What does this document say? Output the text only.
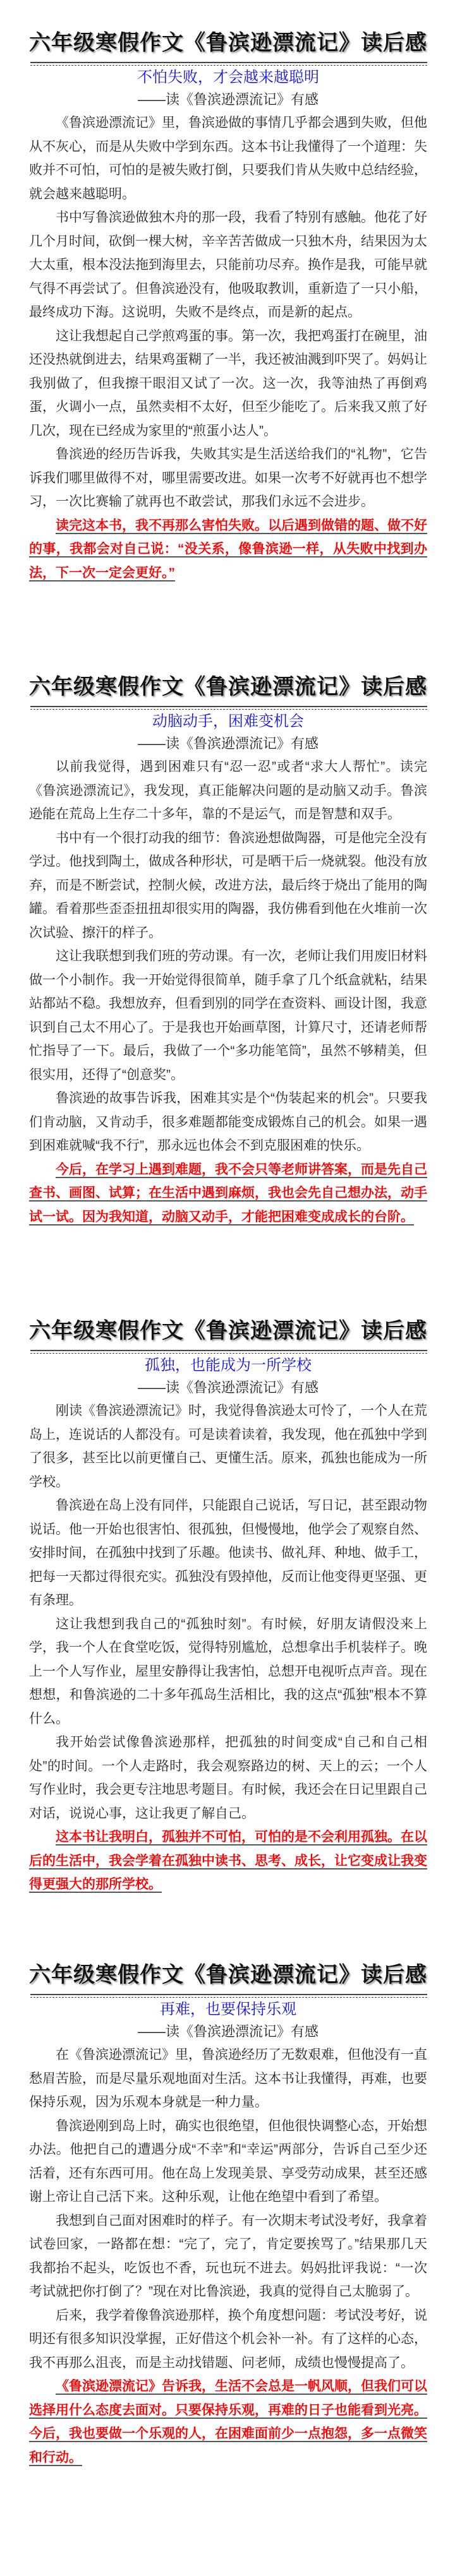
六年级寒假作文《鲁滨逊漂流记》读后感
不怕失败，才会越来越聪明
——读《鲁滨逊漂流记》有感

《鲁滨逊漂流记》里，鲁滨逊做的事情几乎都会遇到失败，但他从不灰心，而是从失败中学到东西。这本书让我懂得了一个道理：失败并不可怕，可怕的是被失败打倒，只要我们肯从失败中总结经验，就会越来越聪明。

书中写鲁滨逊做独木舟的那一段，我看了特别有感触。他花了好几个月时间，砍倒一棵大树，辛辛苦苦做成一只独木舟，结果因为太大太重，根本没法拖到海里去，只能前功尽弃。换作是我，可能早就气得不再尝试了。但鲁滨逊没有，他吸取教训，重新造了一只小船，最终成功下海。这说明，失败不是终点，而是新的起点。

这让我想起自己学煎鸡蛋的事。第一次，我把鸡蛋打在碗里，油还没热就倒进去，结果鸡蛋糊了一半，我还被油溅到吓哭了。妈妈让我别做了，但我擦干眼泪又试了一次。这一次，我等油热了再倒鸡蛋，火调小一点，虽然卖相不太好，但至少能吃了。后来我又煎了好几次，现在已经成为家里的“煎蛋小达人”。

鲁滨逊的经历告诉我，失败其实是生活送给我们的“礼物”，它告诉我们哪里做得不对，哪里需要改进。如果一次考不好就再也不想学习，一次比赛输了就再也不敢尝试，那我们永远不会进步。

读完这本书，我不再那么害怕失败。以后遇到做错的题、做不好的事，我都会对自己说：“没关系，像鲁滨逊一样，从失败中找到办法，下一次一定会更好。”

六年级寒假作文《鲁滨逊漂流记》读后感
动脑动手，困难变机会
——读《鲁滨逊漂流记》有感

以前我觉得，遇到困难只有“忍一忍”或者“求大人帮忙”。读完《鲁滨逊漂流记》，我发现，真正能解决问题的是动脑又动手。鲁滨逊能在荒岛上生存二十多年，靠的不是运气，而是智慧和双手。

书中有一个很打动我的细节：鲁滨逊想做陶器，可是他完全没有学过。他找到陶土，做成各种形状，可是晒干后一烧就裂。他没有放弃，而是不断尝试，控制火候，改进方法，最后终于烧出了能用的陶罐。看着那些歪歪扭扭却很实用的陶器，我仿佛看到他在火堆前一次次试验、擦汗的样子。

这让我联想到我们班的劳动课。有一次，老师让我们用废旧材料做一个小制作。我一开始觉得很简单，随手拿了几个纸盒就粘，结果站都站不稳。我想放弃，但看到别的同学在查资料、画设计图，我意识到自己太不用心了。于是我也开始画草图，计算尺寸，还请老师帮忙指导了一下。最后，我做了一个“多功能笔筒”，虽然不够精美，但很实用，还得了“创意奖”。

鲁滨逊的故事告诉我，困难其实是个“伪装起来的机会”。只要我们肯动脑，又肯动手，很多难题都能变成锻炼自己的机会。如果一遇到困难就喊“我不行”，那永远也体会不到克服困难的快乐。

今后，在学习上遇到难题，我不会只等老师讲答案，而是先自己查书、画图、试算；在生活中遇到麻烦，我也会先自己想办法，动手试一试。因为我知道，动脑又动手，才能把困难变成成长的台阶。

六年级寒假作文《鲁滨逊漂流记》读后感
孤独，也能成为一所学校
——读《鲁滨逊漂流记》有感

刚读《鲁滨逊漂流记》时，我觉得鲁滨逊太可怜了，一个人在荒岛上，连说话的人都没有。可是读着读着，我发现，他在孤独中学到了很多，甚至比以前更懂自己、更懂生活。原来，孤独也能成为一所学校。

鲁滨逊在岛上没有同伴，只能跟自己说话，写日记，甚至跟动物说话。他一开始也很害怕、很孤独，但慢慢地，他学会了观察自然、安排时间，在孤独中找到了乐趣。他读书、做礼拜、种地、做手工，把每一天都过得很充实。孤独没有毁掉他，反而让他变得更坚强、更有条理。

这让我想到我自己的“孤独时刻”。有时候，好朋友请假没来上学，我一个人在食堂吃饭，觉得特别尴尬，总想拿出手机装样子。晚上一个人写作业，屋里安静得让我害怕，总想开电视听点声音。现在想想，和鲁滨逊的二十多年孤岛生活相比，我的这点“孤独”根本不算什么。

我开始尝试像鲁滨逊那样，把孤独的时间变成“自己和自己相处”的时间。一个人走路时，我会观察路边的树、天上的云；一个人写作业时，我会更专注地思考题目。有时候，我还会在日记里跟自己对话，说说心事，这让我更了解自己。

这本书让我明白，孤独并不可怕，可怕的是不会利用孤独。在以后的生活中，我会学着在孤独中读书、思考、成长，让它变成让我变得更强大的那所学校。

六年级寒假作文《鲁滨逊漂流记》读后感
再难，也要保持乐观
——读《鲁滨逊漂流记》有感

在《鲁滨逊漂流记》里，鲁滨逊经历了无数艰难，但他没有一直愁眉苦脸，而是尽量乐观地面对生活。这本书让我懂得，再难，也要保持乐观，因为乐观本身就是一种力量。

鲁滨逊刚到岛上时，确实也很绝望，但他很快调整心态，开始想办法。他把自己的遭遇分成“不幸”和“幸运”两部分，告诉自己至少还活着，还有东西可用。他在岛上发现美景、享受劳动成果，甚至还感谢上帝让自己活下来。这种乐观，让他在绝望中看到了希望。

我想到自己面对困难时的样子。有一次期末考试没考好，我拿着试卷回家，一路都在想：“完了，完了，肯定要挨骂了。”结果那几天我都抬不起头，吃饭也不香，玩也玩不进去。妈妈批评我说：“一次考试就把你打倒了？”现在对比鲁滨逊，我真的觉得自己太脆弱了。

后来，我学着像鲁滨逊那样，换个角度想问题：考试没考好，说明还有很多知识没掌握，正好借这个机会补一补。有了这样的心态，我不再那么沮丧，而是主动找错题、问老师，成绩也慢慢提高了。

《鲁滨逊漂流记》告诉我，生活不会总是一帆风顺，但我们可以选择用什么态度去面对。只要保持乐观，再难的日子也能看到光亮。今后，我也要做一个乐观的人，在困难面前少一点抱怨，多一点微笑和行动。
